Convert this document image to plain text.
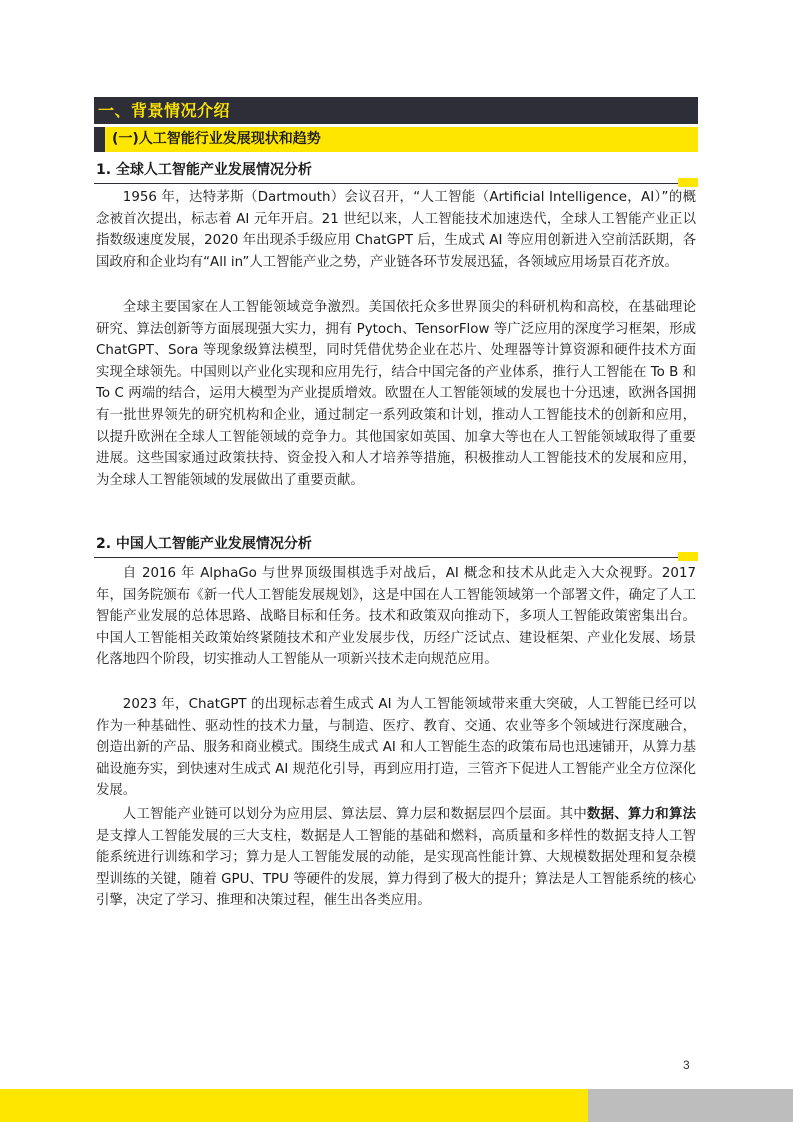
一、背景情况介绍
(一)人工智能行业发展现状和趋势
1. 全球人工智能产业发展情况分析

1956 年，达特茅斯（Dartmouth）会议召开，“人工智能（Artificial Intelligence，AI）”的概念被首次提出，标志着 AI 元年开启。21 世纪以来，人工智能技术加速迭代，全球人工智能产业正以指数级速度发展，2020 年出现杀手级应用 ChatGPT 后，生成式 AI 等应用创新进入空前活跃期，各国政府和企业均有“All in”人工智能产业之势，产业链各环节发展迅猛，各领域应用场景百花齐放。

全球主要国家在人工智能领域竞争激烈。美国依托众多世界顶尖的科研机构和高校，在基础理论研究、算法创新等方面展现强大实力，拥有 Pytoch、TensorFlow 等广泛应用的深度学习框架，形成 ChatGPT、Sora 等现象级算法模型，同时凭借优势企业在芯片、处理器等计算资源和硬件技术方面实现全球领先。中国则以产业化实现和应用先行，结合中国完备的产业体系，推行人工智能在 To B 和 To C 两端的结合，运用大模型为产业提质增效。欧盟在人工智能领域的发展也十分迅速，欧洲各国拥有一批世界领先的研究机构和企业，通过制定一系列政策和计划，推动人工智能技术的创新和应用，以提升欧洲在全球人工智能领域的竞争力。其他国家如英国、加拿大等也在人工智能领域取得了重要进展。这些国家通过政策扶持、资金投入和人才培养等措施，积极推动人工智能技术的发展和应用，为全球人工智能领域的发展做出了重要贡献。

2. 中国人工智能产业发展情况分析

自 2016 年 AlphaGo 与世界顶级围棋选手对战后，AI 概念和技术从此走入大众视野。2017 年，国务院颁布《新一代人工智能发展规划》，这是中国在人工智能领域第一个部署文件，确定了人工智能产业发展的总体思路、战略目标和任务。技术和政策双向推动下，多项人工智能政策密集出台。中国人工智能相关政策始终紧随技术和产业发展步伐，历经广泛试点、建设框架、产业化发展、场景化落地四个阶段，切实推动人工智能从一项新兴技术走向规范应用。

2023 年，ChatGPT 的出现标志着生成式 AI 为人工智能领域带来重大突破，人工智能已经可以作为一种基础性、驱动性的技术力量，与制造、医疗、教育、交通、农业等多个领域进行深度融合，创造出新的产品、服务和商业模式。围绕生成式 AI 和人工智能生态的政策布局也迅速铺开，从算力基础设施夯实，到快速对生成式 AI 规范化引导，再到应用打造，三管齐下促进人工智能产业全方位深化发展。

人工智能产业链可以划分为应用层、算法层、算力层和数据层四个层面。其中数据、算力和算法是支撑人工智能发展的三大支柱，数据是人工智能的基础和燃料，高质量和多样性的数据支持人工智能系统进行训练和学习；算力是人工智能发展的动能，是实现高性能计算、大规模数据处理和复杂模型训练的关键，随着 GPU、TPU 等硬件的发展，算力得到了极大的提升；算法是人工智能系统的核心引擎，决定了学习、推理和决策过程，催生出各类应用。

3
